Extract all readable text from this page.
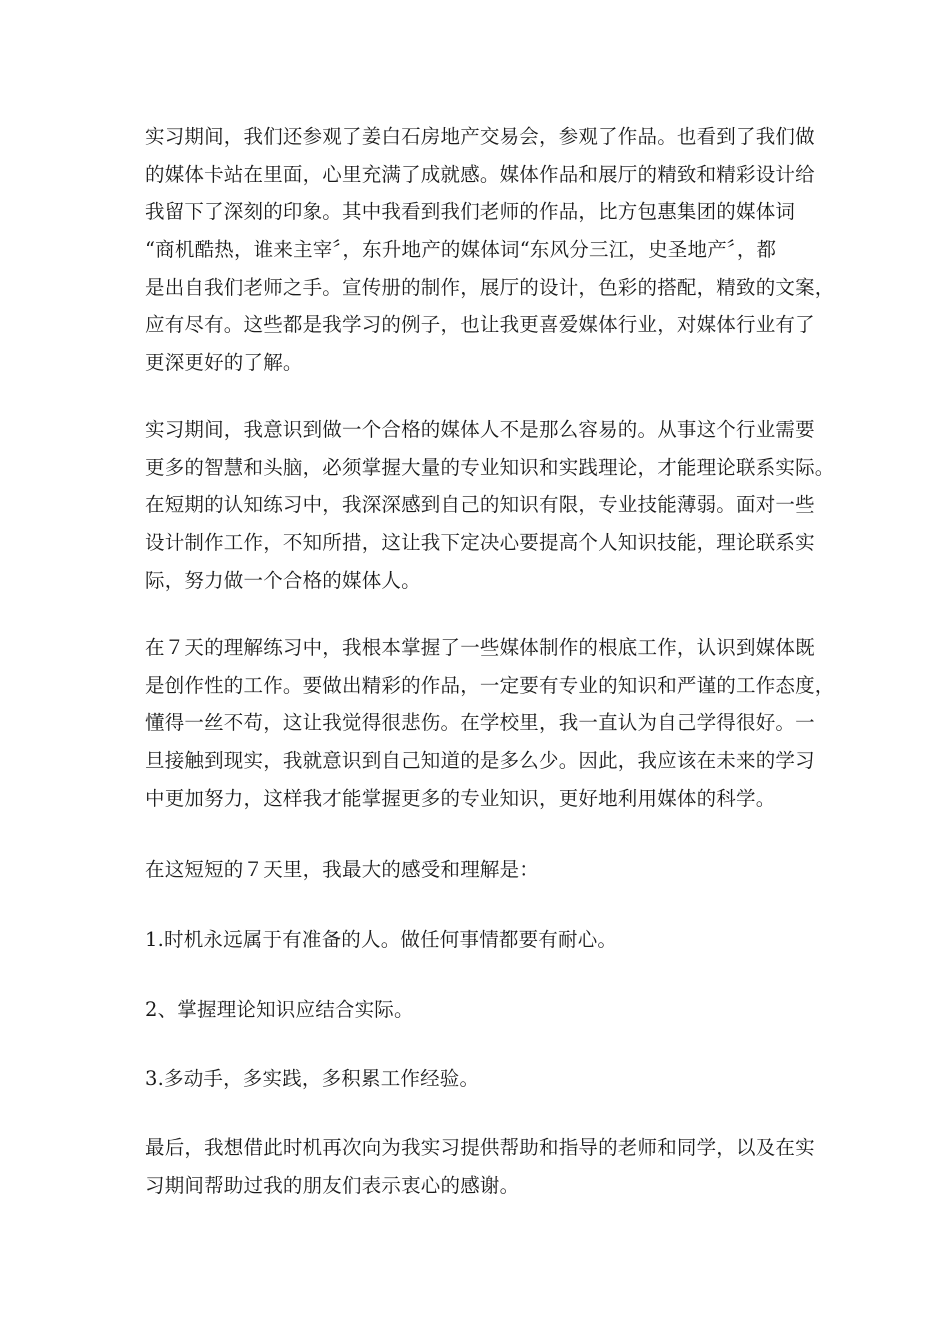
实习期间，我们还参观了姜白石房地产交易会，参观了作品。也看到了我们做
的媒体卡站在里面，心里充满了成就感。媒体作品和展厅的精致和精彩设计给
我留下了深刻的印象。其中我看到我们老师的作品，比方包惠集团的媒体词
“商机酷热，谁来主宰〞，东升地产的媒体词“东风分三江，史圣地产〞，都
是出自我们老师之手。宣传册的制作，展厅的设计，色彩的搭配，精致的文案，
应有尽有。这些都是我学习的例子，也让我更喜爱媒体行业，对媒体行业有了
更深更好的了解。
实习期间，我意识到做一个合格的媒体人不是那么容易的。从事这个行业需要
更多的智慧和头脑，必须掌握大量的专业知识和实践理论，才能理论联系实际。
在短期的认知练习中，我深深感到自己的知识有限，专业技能薄弱。面对一些
设计制作工作，不知所措，这让我下定决心要提高个人知识技能，理论联系实
际，努力做一个合格的媒体人。
在７天的理解练习中，我根本掌握了一些媒体制作的根底工作，认识到媒体既
是创作性的工作。要做出精彩的作品，一定要有专业的知识和严谨的工作态度，
懂得一丝不苟，这让我觉得很悲伤。在学校里，我一直认为自己学得很好。一
旦接触到现实，我就意识到自己知道的是多么少。因此，我应该在未来的学习
中更加努力，这样我才能掌握更多的专业知识，更好地利用媒体的科学。
在这短短的７天里，我最大的感受和理解是：
1.时机永远属于有准备的人。做任何事情都要有耐心。
2、掌握理论知识应结合实际。
3.多动手，多实践，多积累工作经验。
最后，我想借此时机再次向为我实习提供帮助和指导的老师和同学，以及在实
习期间帮助过我的朋友们表示衷心的感谢。
